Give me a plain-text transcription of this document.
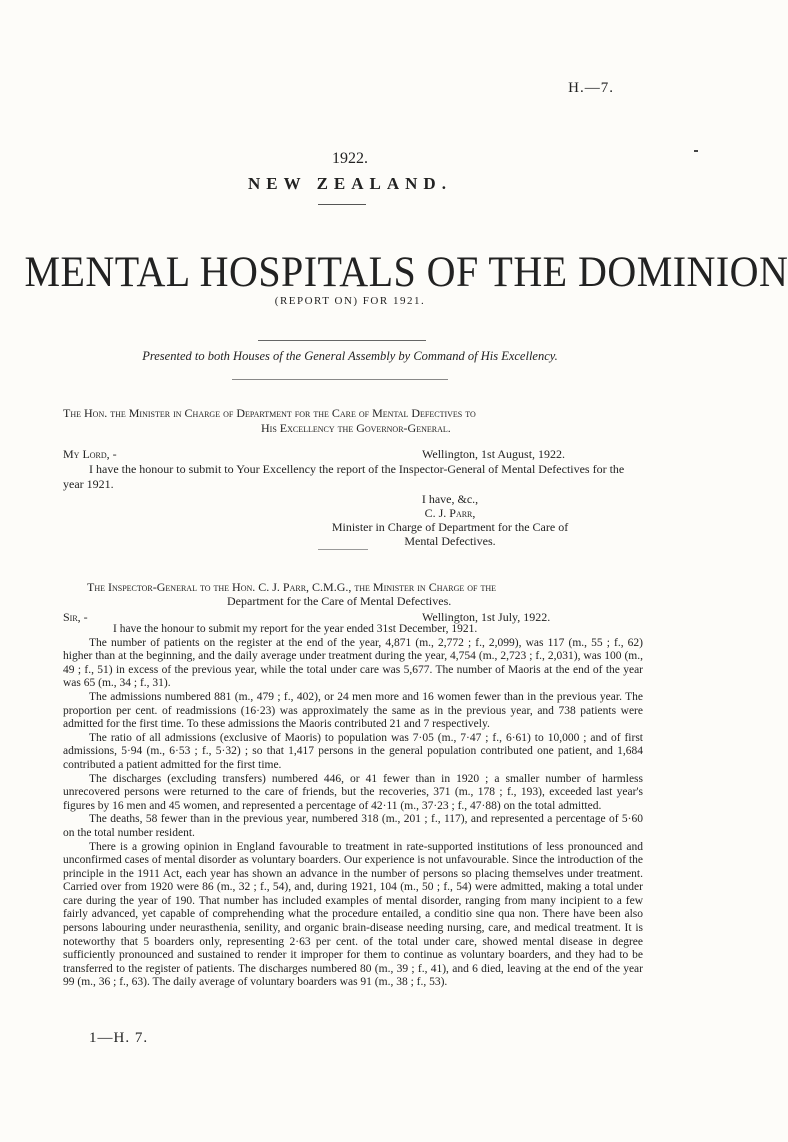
H.—7.
1922.
NEW ZEALAND.
MENTAL HOSPITALS OF THE DOMINION
(REPORT ON) FOR 1921.
Presented to both Houses of the General Assembly by Command of His Excellency.
The Hon. the Minister in Charge of Department for the Care of Mental Defectives to
His Excellency the Governor-General.
My Lord, -	Wellington, 1st August, 1922.

I have the honour to submit to Your Excellency the report of the Inspector-General of Mental Defectives for the year 1921.

I have, &c.,
C. J. Parr,
Minister in Charge of Department for the Care of
Mental Defectives.
The Inspector-General to the Hon. C. J. Parr, C.M.G., the Minister in Charge of the
Department for the Care of Mental Defectives.
Sir, -	Wellington, 1st July, 1922.

I have the honour to submit my report for the year ended 31st December, 1921.

The number of patients on the register at the end of the year, 4,871 (m., 2,772 ; f., 2,099), was 117 (m., 55 ; f., 62) higher than at the beginning, and the daily average under treatment during the year, 4,754 (m., 2,723 ; f., 2,031), was 100 (m., 49 ; f., 51) in excess of the previous year, while the total under care was 5,677. The number of Maoris at the end of the year was 65 (m., 34 ; f., 31).

The admissions numbered 881 (m., 479 ; f., 402), or 24 men more and 16 women fewer than in the previous year. The proportion per cent. of readmissions (16·23) was approximately the same as in the previous year, and 738 patients were admitted for the first time. To these admissions the Maoris contributed 21 and 7 respectively.

The ratio of all admissions (exclusive of Maoris) to population was 7·05 (m., 7·47 ; f., 6·61) to 10,000 ; and of first admissions, 5·94 (m., 6·53 ; f., 5·32) ; so that 1,417 persons in the general population contributed one patient, and 1,684 contributed a patient admitted for the first time.

The discharges (excluding transfers) numbered 446, or 41 fewer than in 1920 ; a smaller number of harmless unrecovered persons were returned to the care of friends, but the recoveries, 371 (m., 178 ; f., 193), exceeded last year's figures by 16 men and 45 women, and represented a percentage of 42·11 (m., 37·23 ; f., 47·88) on the total admitted.

The deaths, 58 fewer than in the previous year, numbered 318 (m., 201 ; f., 117), and represented a percentage of 5·60 on the total number resident.

There is a growing opinion in England favourable to treatment in rate-supported institutions of less pronounced and unconfirmed cases of mental disorder as voluntary boarders. Our experience is not unfavourable. Since the introduction of the principle in the 1911 Act, each year has shown an advance in the number of persons so placing themselves under treatment. Carried over from 1920 were 86 (m., 32 ; f., 54), and, during 1921, 104 (m., 50 ; f., 54) were admitted, making a total under care during the year of 190. That number has included examples of mental disorder, ranging from many incipient to a few fairly advanced, yet capable of comprehending what the procedure entailed, a conditio sine qua non. There have been also persons labouring under neurasthenia, senility, and organic brain-disease needing nursing, care, and medical treatment. It is noteworthy that 5 boarders only, representing 2·63 per cent. of the total under care, showed mental disease in degree sufficiently pronounced and sustained to render it improper for them to continue as voluntary boarders, and they had to be transferred to the register of patients. The discharges numbered 80 (m., 39 ; f., 41), and 6 died, leaving at the end of the year 99 (m., 36 ; f., 63). The daily average of voluntary boarders was 91 (m., 38 ; f., 53).

1—H. 7.
